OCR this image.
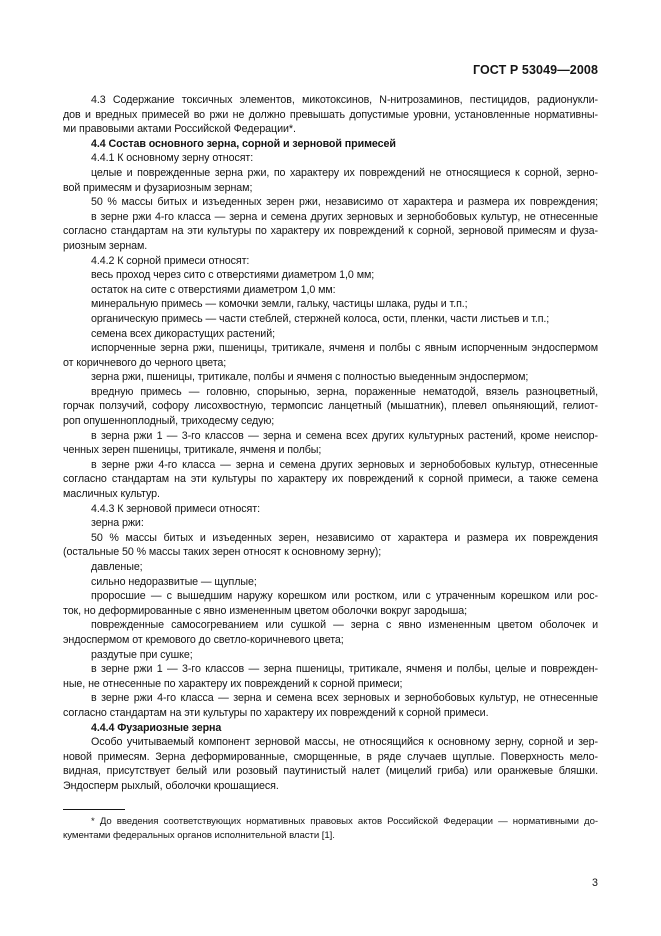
ГОСТ Р 53049—2008
4.3 Содержание токсичных элементов, микотоксинов, N-нитрозаминов, пестицидов, радионукли-
дов и вредных примесей во ржи не должно превышать допустимые уровни, установленные нормативны-
ми правовыми актами Российской Федерации*.
4.4 Состав основного зерна, сорной и зерновой примесей
4.4.1 К основному зерну относят:
целые и поврежденные зерна ржи, по характеру их повреждений не относящиеся к сорной, зерно-
вой примесям и фузариозным зернам;
50 % массы битых и изъеденных зерен ржи, независимо от характера и размера их повреждения;
в зерне ржи 4-го класса — зерна и семена других зерновых и зернобобовых культур, не отнесенные
согласно стандартам на эти культуры по характеру их повреждений к сорной, зерновой примесям и фуза-
риозным зернам.
4.4.2 К сорной примеси относят:
весь проход через сито с отверстиями диаметром 1,0 мм;
остаток на сите с отверстиями диаметром 1,0 мм:
минеральную примесь — комочки земли, гальку, частицы шлака, руды и т.п.;
органическую примесь — части стеблей, стержней колоса, ости, пленки, части листьев и т.п.;
семена всех дикорастущих растений;
испорченные зерна ржи, пшеницы, тритикале, ячменя и полбы с явным испорченным эндоспермом
от коричневого до черного цвета;
зерна ржи, пшеницы, тритикале, полбы и ячменя с полностью выеденным эндоспермом;
вредную примесь — головню, спорынью, зерна, пораженные нематодой, вязель разноцветный,
горчак ползучий, софору лисохвостную, термопсис ланцетный (мышатник), плевел опьяняющий, гелиот-
роп опушенноплодный, триходесму седую;
в зерна ржи 1 — 3-го классов — зерна и семена всех других культурных растений, кроме неиспор-
ченных зерен пшеницы, тритикале, ячменя и полбы;
в зерне ржи 4-го класса — зерна и семена других зерновых и зернобобовых культур, отнесенные
согласно стандартам на эти культуры по характеру их повреждений к сорной примеси, а также семена
масличных культур.
4.4.3 К зерновой примеси относят:
зерна ржи:
50 % массы битых и изъеденных зерен, независимо от характера и размера их повреждения
(остальные 50 % массы таких зерен относят к основному зерну);
давленые;
сильно недоразвитые — щуплые;
проросшие — с вышедшим наружу корешком или ростком, или с утраченным корешком или рос-
ток, но деформированные с явно измененным цветом оболочки вокруг зародыша;
поврежденные самосогреванием или сушкой — зерна с явно измененным цветом оболочек и
эндоспермом от кремового до светло-коричневого цвета;
раздутые при сушке;
в зерне ржи 1 — 3-го классов — зерна пшеницы, тритикале, ячменя и полбы, целые и поврежден-
ные, не отнесенные по характеру их повреждений к сорной примеси;
в зерне ржи 4-го класса — зерна и семена всех зерновых и зернобобовых культур, не отнесенные
согласно стандартам на эти культуры по характеру их повреждений к сорной примеси.
4.4.4 Фузариозные зерна
Особо учитываемый компонент зерновой массы, не относящийся к основному зерну, сорной и зер-
новой примесям. Зерна деформированные, сморщенные, в ряде случаев щуплые. Поверхность мело-
видная, присутствует белый или розовый паутинистый налет (мицелий гриба) или оранжевые бляшки.
Эндосперм рыхлый, оболочки крошащиеся.
* До введения соответствующих нормативных правовых актов Российской Федерации — нормативными до-
кументами федеральных органов исполнительной власти [1].
3
